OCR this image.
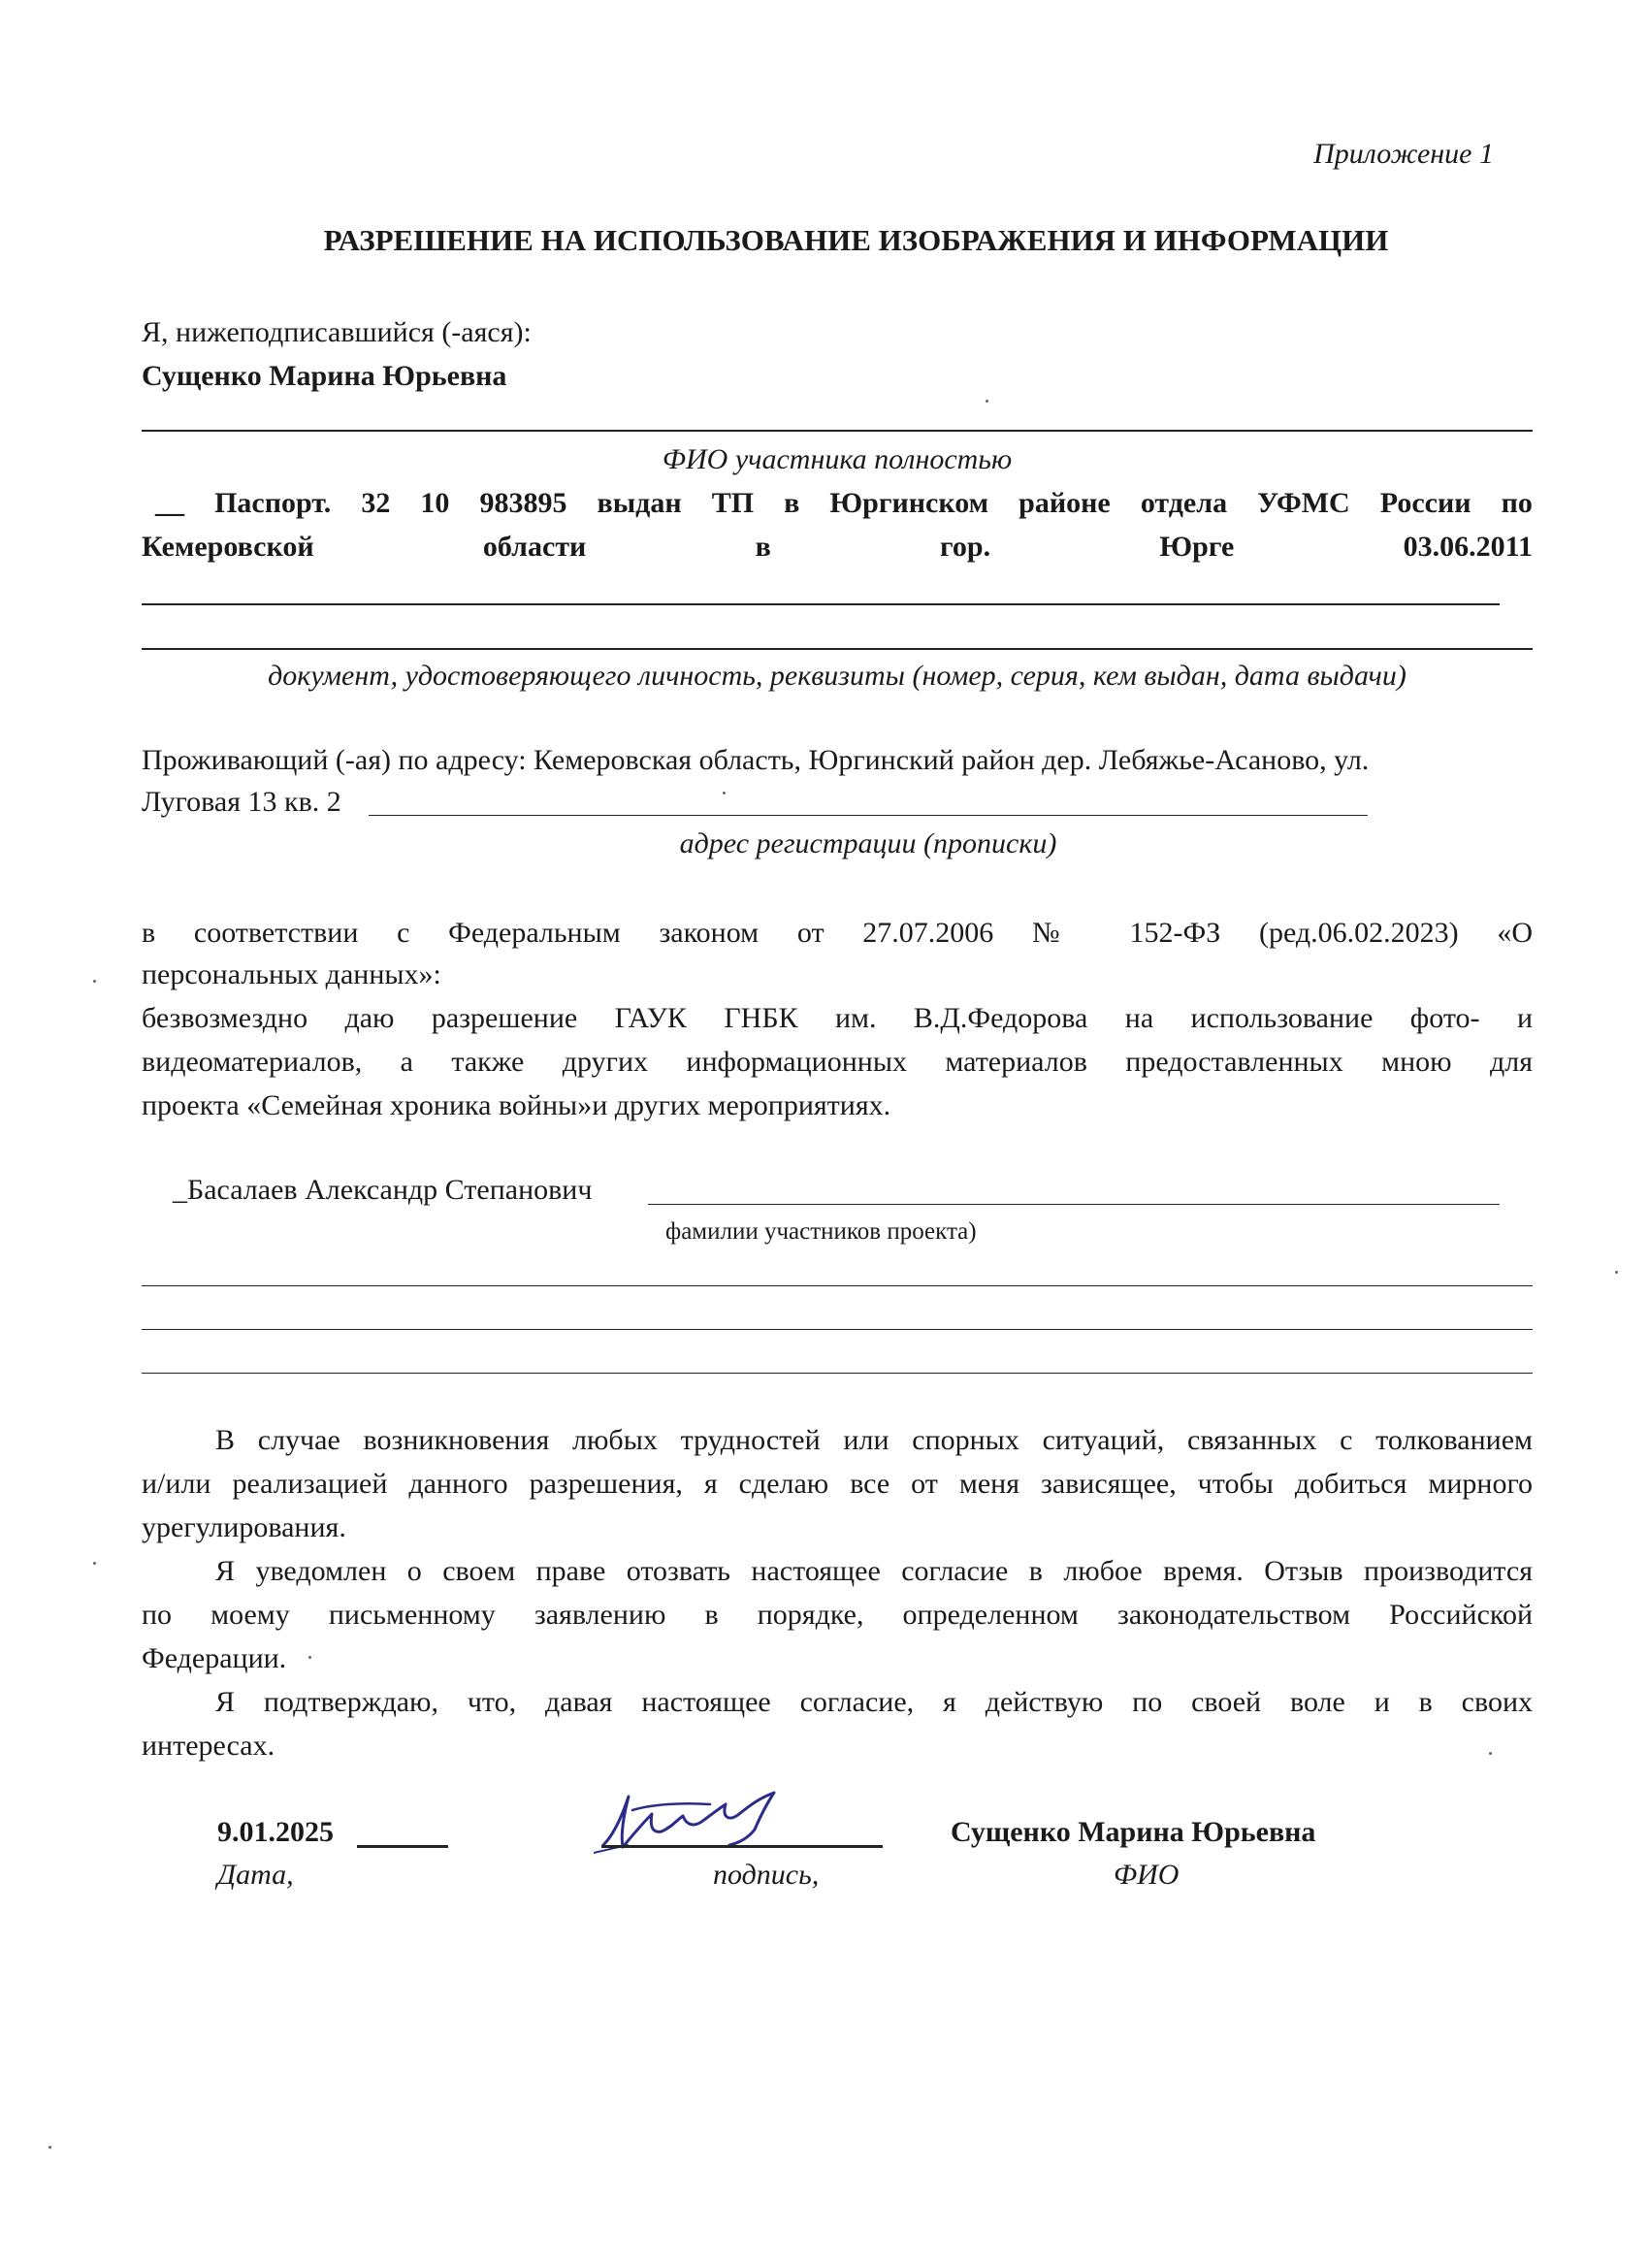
Приложение 1
РАЗРЕШЕНИЕ НА ИСПОЛЬЗОВАНИЕ ИЗОБРАЖЕНИЯ И ИНФОРМАЦИИ
Я, нижеподписавшийся (-аяся):
Сущенко Марина Юрьевна
ФИО участника полностью
__ Паспорт. 32 10 983895 выдан ТП в Юргинском районе отдела УФМС России по
Кемеровской	области	в	гор.	Юрге	03.06.2011
документ, удостоверяющего личность, реквизиты (номер, серия, кем выдан, дата выдачи)
Проживающий (-ая) по адресу: Кемеровская область, Юргинский район дер. Лебяжье-Асаново, ул.
Луговая 13 кв. 2
адрес регистрации (прописки)
в соответствии с Федеральным законом от 27.07.2006 № 152-ФЗ (ред.06.02.2023) «О
персональных данных»:
безвозмездно даю разрешение ГАУК ГНБК им. В.Д.Федорова на использование фото- и
видеоматериалов, а также других информационных материалов предоставленных мною для
проекта «Семейная хроника войны»и других мероприятиях.
_Басалаев Александр Степанович
фамилии участников проекта)
В случае возникновения любых трудностей или спорных ситуаций, связанных с толкованием
и/или реализацией данного разрешения, я сделаю все от меня зависящее, чтобы добиться мирного
урегулирования.
Я уведомлен о своем праве отозвать настоящее согласие в любое время. Отзыв производится
по моему письменному заявлению в порядке, определенном законодательством Российской
Федерации.
Я подтверждаю, что, давая настоящее согласие, я действую по своей воле и в своих
интересах.
9.01.2025
Дата,	подпись,
Сущенко Марина Юрьевна
ФИО
